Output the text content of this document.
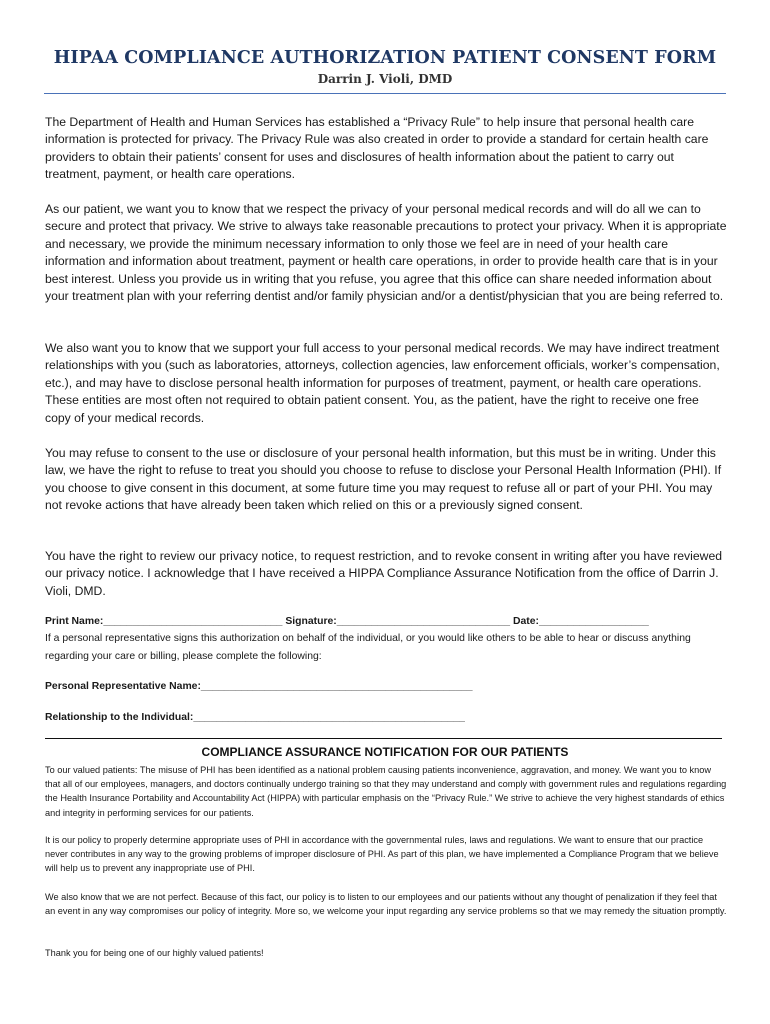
HIPAA COMPLIANCE AUTHORIZATION PATIENT CONSENT FORM
Darrin J. Violi, DMD

The Department of Health and Human Services has established a “Privacy Rule” to help insure that personal health care information is protected for privacy. The Privacy Rule was also created in order to provide a standard for certain health care providers to obtain their patients’ consent for uses and disclosures of health information about the patient to carry out treatment, payment, or health care operations.

As our patient, we want you to know that we respect the privacy of your personal medical records and will do all we can to secure and protect that privacy. We strive to always take reasonable precautions to protect your privacy. When it is appropriate and necessary, we provide the minimum necessary information to only those we feel are in need of your health care information and information about treatment, payment or health care operations, in order to provide health care that is in your best interest. Unless you provide us in writing that you refuse, you agree that this office can share needed information about your treatment plan with your referring dentist and/or family physician and/or a dentist/physician that you are being referred to.

We also want you to know that we support your full access to your personal medical records. We may have indirect treatment relationships with you (such as laboratories, attorneys, collection agencies, law enforcement officials, worker’s compensation, etc.), and may have to disclose personal health information for purposes of treatment, payment, or health care operations. These entities are most often not required to obtain patient consent. You, as the patient, have the right to receive one free copy of your medical records.

You may refuse to consent to the use or disclosure of your personal health information, but this must be in writing. Under this law, we have the right to refuse to treat you should you choose to refuse to disclose your Personal Health Information (PHI). If you choose to give consent in this document, at some future time you may request to refuse all or part of your PHI. You may not revoke actions that have already been taken which relied on this or a previously signed consent.

You have the right to review our privacy notice, to request restriction, and to revoke consent in writing after you have reviewed our privacy notice. I acknowledge that I have received a HIPPA Compliance Assurance Notification from the office of Darrin J. Violi, DMD.

Print Name:_______________________________ Signature:______________________________ Date:___________________

If a personal representative signs this authorization on behalf of the individual, or you would like others to be able to hear or discuss anything regarding your care or billing, please complete the following:

Personal Representative Name:_______________________________________________

Relationship to the Individual:_______________________________________________

COMPLIANCE ASSURANCE NOTIFICATION FOR OUR PATIENTS

To our valued patients: The misuse of PHI has been identified as a national problem causing patients inconvenience, aggravation, and money. We want you to know that all of our employees, managers, and doctors continually undergo training so that they may understand and comply with government rules and regulations regarding the Health Insurance Portability and Accountability Act (HIPPA) with particular emphasis on the “Privacy Rule.” We strive to achieve the very highest standards of ethics and integrity in performing services for our patients.

It is our policy to properly determine appropriate uses of PHI in accordance with the governmental rules, laws and regulations. We want to ensure that our practice never contributes in any way to the growing problems of improper disclosure of PHI. As part of this plan, we have implemented a Compliance Program that we believe will help us to prevent any inappropriate use of PHI.

We also know that we are not perfect. Because of this fact, our policy is to listen to our employees and our patients without any thought of penalization if they feel that an event in any way compromises our policy of integrity. More so, we welcome your input regarding any service problems so that we may remedy the situation promptly.

Thank you for being one of our highly valued patients!
